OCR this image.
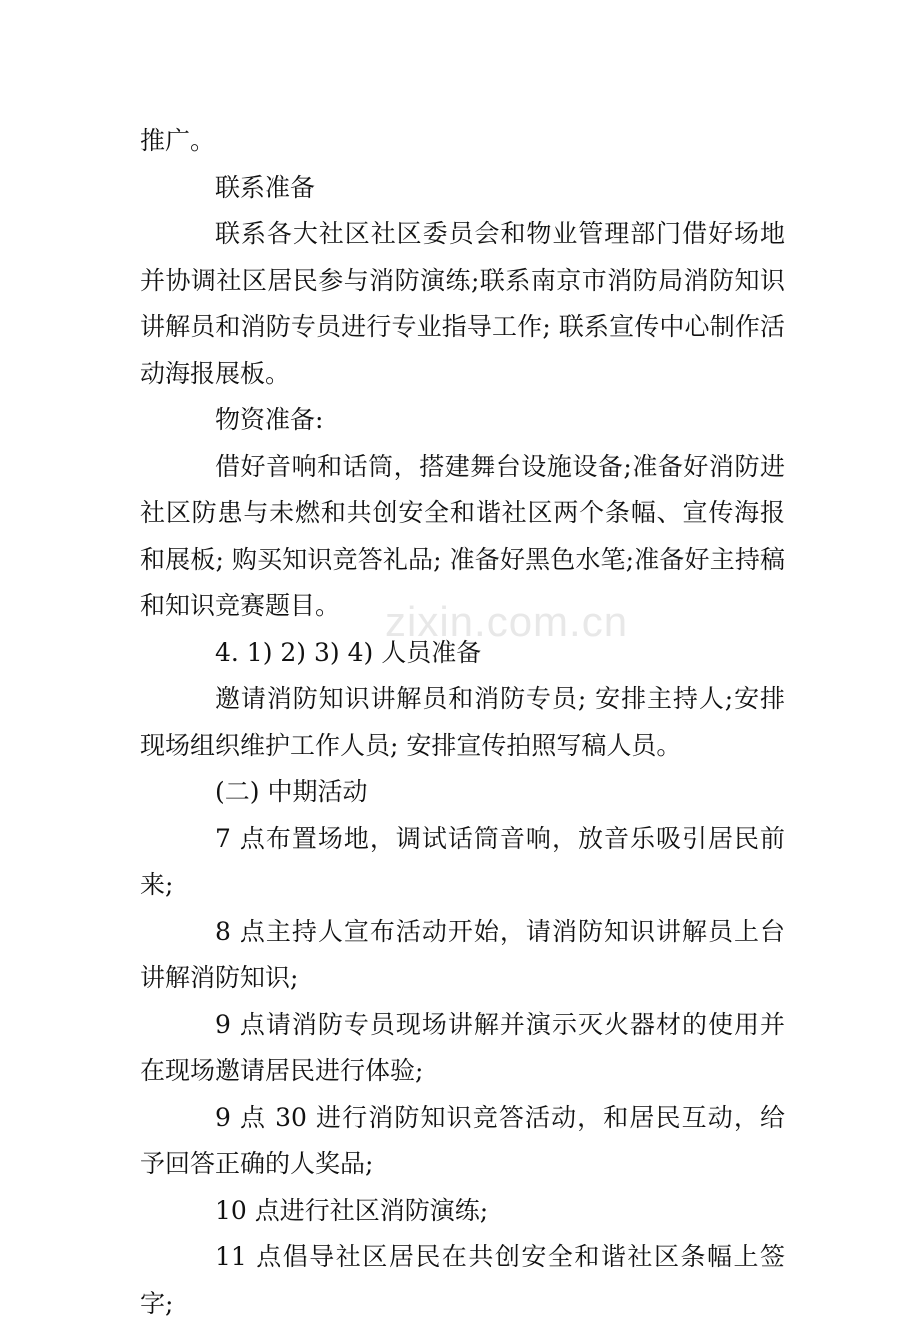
zixin.com.cn

推广。

联系准备

联系各大社区社区委员会和物业管理部门借好场地并协调社区居民参与消防演练;联系南京市消防局消防知识讲解员和消防专员进行专业指导工作; 联系宣传中心制作活动海报展板。

物资准备:

借好音响和话筒，搭建舞台设施设备;准备好消防进社区防患与未燃和共创安全和谐社区两个条幅、宣传海报和展板; 购买知识竞答礼品; 准备好黑色水笔;准备好主持稿和知识竞赛题目。

4. 1) 2) 3) 4) 人员准备

邀请消防知识讲解员和消防专员; 安排主持人;安排现场组织维护工作人员; 安排宣传拍照写稿人员。

(二) 中期活动

7 点布置场地，调试话筒音响，放音乐吸引居民前来;

8 点主持人宣布活动开始，请消防知识讲解员上台讲解消防知识;

9 点请消防专员现场讲解并演示灭火器材的使用并在现场邀请居民进行体验;

9 点 30 进行消防知识竞答活动，和居民互动，给予回答正确的人奖品;

10 点进行社区消防演练;

11 点倡导社区居民在共创安全和谐社区条幅上签字;
